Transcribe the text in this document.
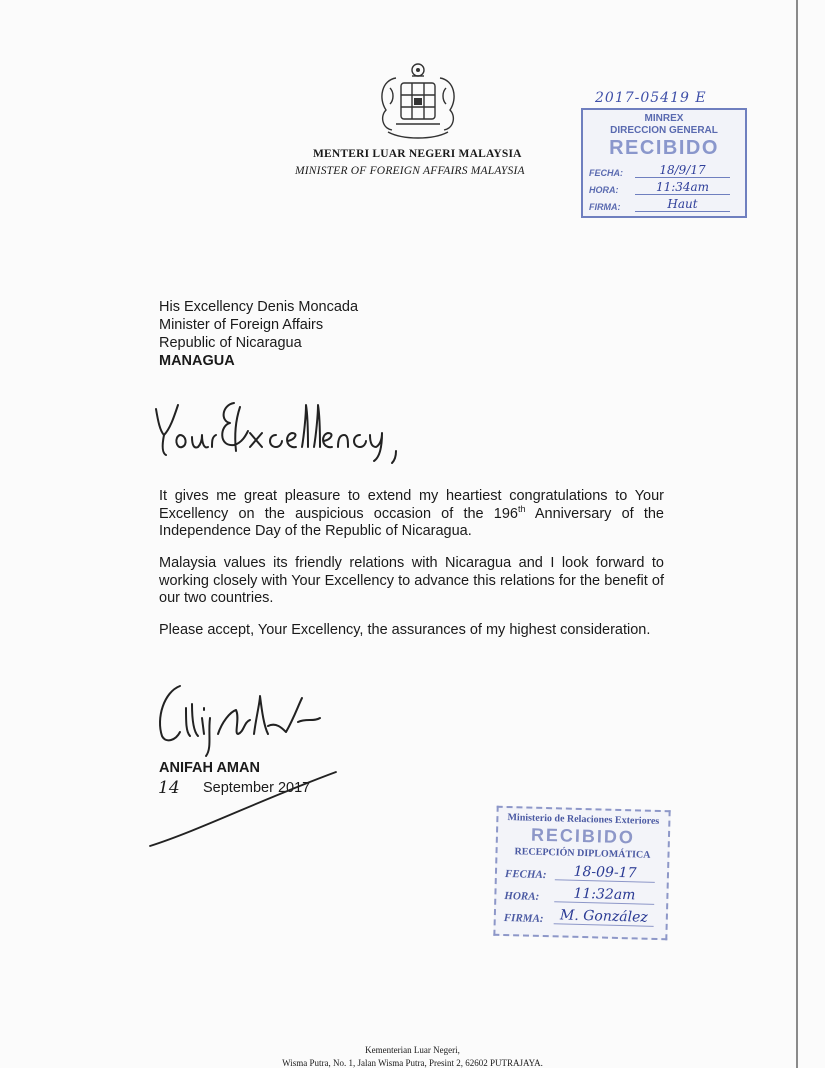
MENTERI LUAR NEGERI MALAYSIA
MINISTER OF FOREIGN AFFAIRS MALAYSIA
2017-05419 E
MINREX
DIRECCION GENERAL
RECIBIDO
FECHA:	18/9/17
HORA:	11:34am
FIRMA:	Haut
His Excellency Denis Moncada
Minister of Foreign Affairs
Republic of Nicaragua
MANAGUA
It gives me great pleasure to extend my heartiest congratulations to Your Excellency on the auspicious occasion of the 196th Anniversary of the Independence Day of the Republic of Nicaragua.
Malaysia values its friendly relations with Nicaragua and I look forward to working closely with Your Excellency to advance this relations for the benefit of our two countries.
Please accept, Your Excellency, the assurances of my highest consideration.
ANIFAH AMAN
14 September 2017
Ministerio de Relaciones Exteriores
RECIBIDO
RECEPCIÓN DIPLOMÁTICA
FECHA:	18-09-17
HORA:	11:32am
FIRMA:	M. González
Kementerian Luar Negeri,
Wisma Putra, No. 1, Jalan Wisma Putra, Presint 2, 62602 PUTRAJAYA.
